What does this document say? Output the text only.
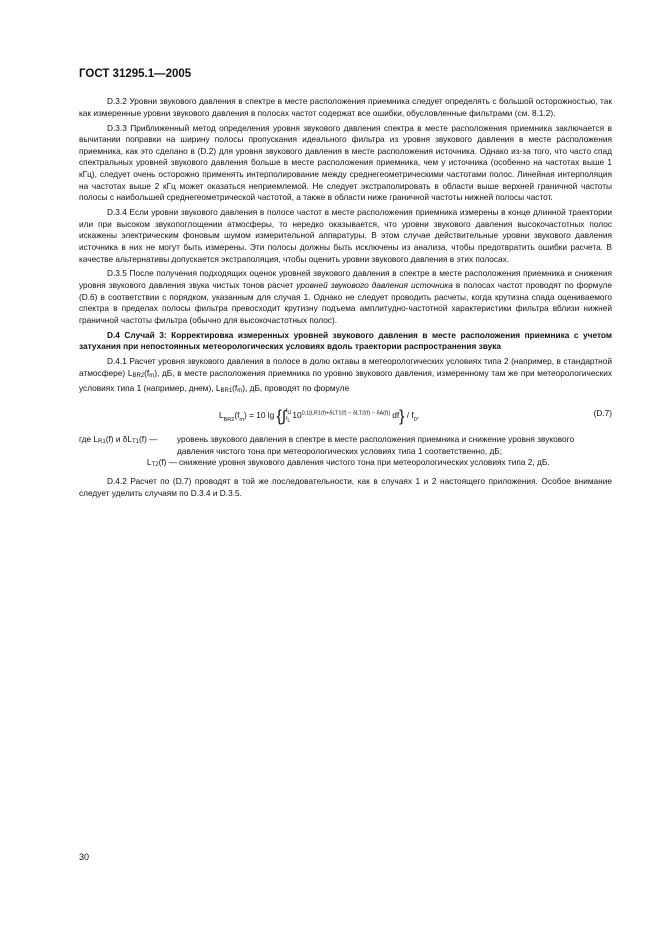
ГОСТ 31295.1—2005

D.3.2 Уровни звукового давления в спектре в месте расположения приемника следует определять с большой осторожностью, так как измеренные уровни звукового давления в полосах частот содержат все ошибки, обусловленные фильтрами (см. 8.1.2).

D.3.3 Приближенный метод определения уровня звукового давления спектра в месте расположения приемника заключается в вычитании поправки на ширину полосы пропускания идеального фильтра из уровня звукового давления в месте расположения приемника, как это сделано в (D.2) для уровня звукового давления в месте расположения источника. Однако из-за того, что часто спад спектральных уровней звукового давления больше в месте расположения приемника, чем у источника (особенно на частотах выше 1 кГц), следует очень осторожно применять интерполирование между среднегеометрическими частотами полос. Линейная интерполяция на частотах выше 2 кГц может оказаться неприемлемой. Не следует экстраполировать в области выше верхней граничной частоты полосы с наибольшей среднегеометрической частотой, а также в области ниже граничной частоты нижней полосы частот.

D.3.4 Если уровни звукового давления в полосе частот в месте расположения приемника измерены в конце длинной траектории или при высоком звукопоглощении атмосферы, то нередко оказывается, что уровни звукового давления высокочастотных полос искажены электрическим фоновым шумом измерительной аппаратуры. В этом случае действительные уровни звукового давления источника в них не могут быть измерены. Эти полосы должны быть исключены из анализа, чтобы предотвратить ошибки расчета. В качестве альтернативы допускается экстраполяция, чтобы оценить уровни звукового давления в этих полосах.

D.3.5 После получения подходящих оценок уровней звукового давления в спектре в месте расположения приемника и снижения уровня звукового давления звука чистых тонов расчет уровней звукового давления источника в полосах частот проводят по формуле (D.6) в соответствии с порядком, указанным для случая 1. Однако не следует проводить расчеты, когда крутизна спада оцениваемого спектра в пределах полосы фильтра превосходит крутизну подъема амплитудно-частотной характеристики фильтра вблизи нижней граничной частоты фильтра (обычно для высокочастотных полос).

D.4 Случай 3: Корректировка измеренных уровней звукового давления в месте расположения приемника с учетом затухания при непостоянных метеорологических условиях вдоль траектории распространения звука

D.4.1 Расчет уровня звукового давления в полосе в долю октавы в метеорологических условиях типа 2 (например, в стандартной атмосфере) LBR2(fm), дБ, в месте расположения приемника по уровню звукового давления, измеренному там же при метеорологических условиях типа 1 (например, днем), LBR1(fm), дБ, проводят по формуле

$L_{BR2}(f_m) = 10$ $\lg \{\int f_U$
$f_L10^{0,1[LR1(f)+\delta LT1(f) - \delta LT2(f) - \delta A(f)]}$ $df\} / f_0$,	(D.7)
где LR1(f) и δLT1(f) —	уровень звукового давления в спектре в месте расположения приемника и снижение уровня звукового давления чистого тона при метеорологических условиях типа 1 соответственно, дБ;
LT2(f) — снижение уровня звукового давления чистого тона при метеорологических условиях типа 2, дБ.

D.4.2 Расчет по (D.7) проводят в той же последовательности, как в случаях 1 и 2 настоящего приложения. Особое внимание следует уделить случаям по D.3.4 и D.3.5.

30
